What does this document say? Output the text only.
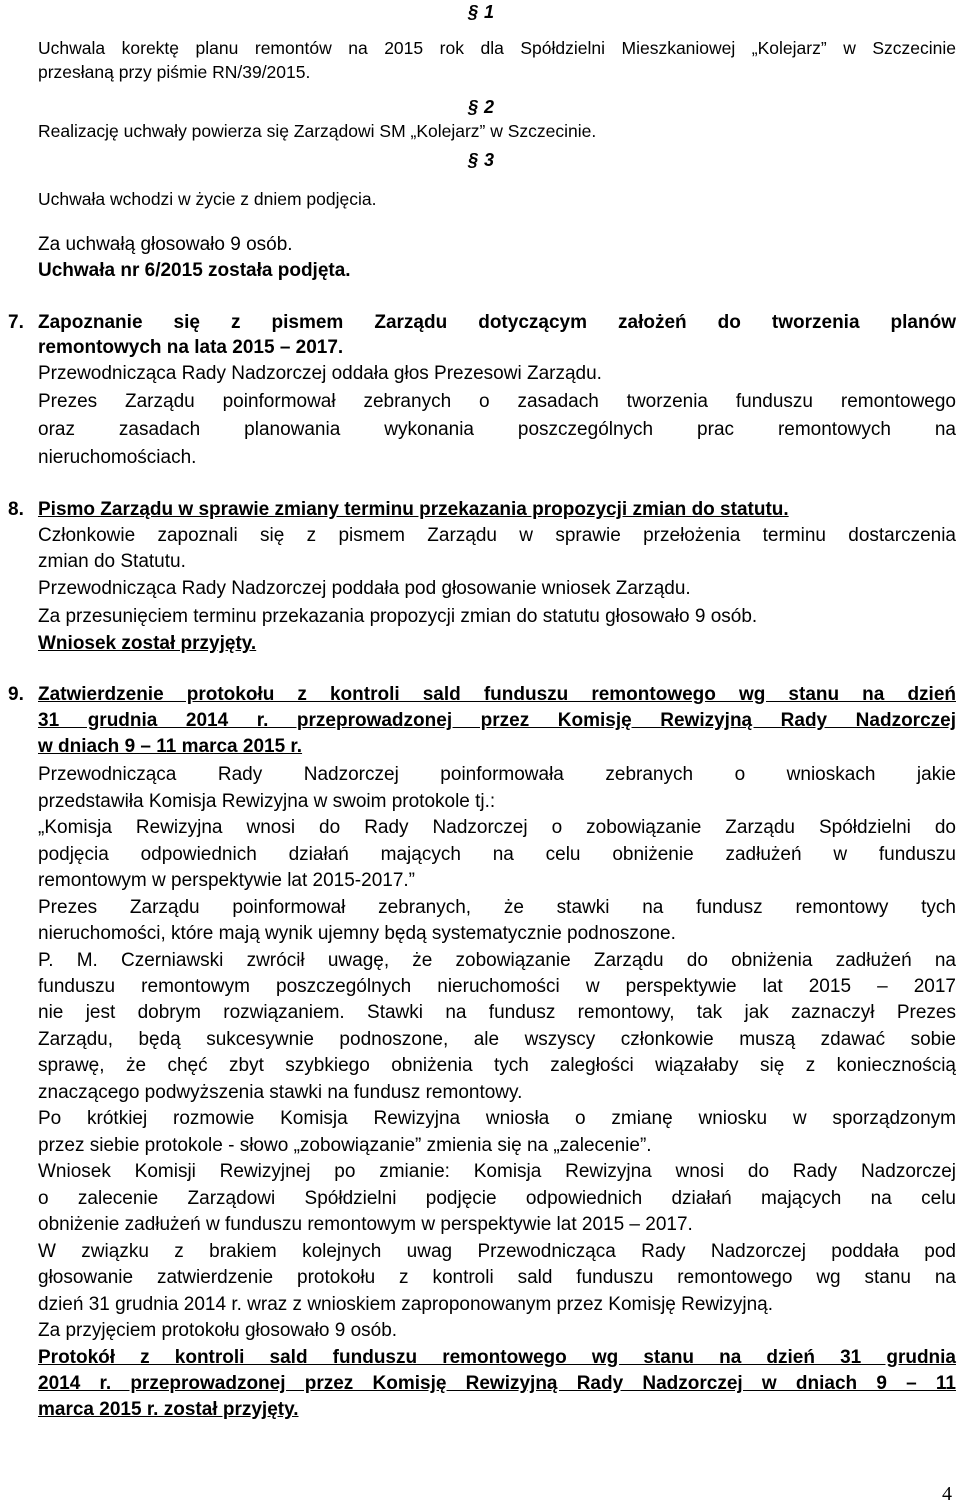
§ 1
Uchwala korektę planu remontów na 2015 rok dla Spółdzielni Mieszkaniowej „Kolejarz” w Szczecinie
przesłaną przy piśmie RN/39/2015.
§ 2
Realizację uchwały powierza się Zarządowi SM „Kolejarz” w Szczecinie.
§ 3
Uchwała wchodzi w życie z dniem podjęcia.
Za uchwałą głosowało 9 osób.
Uchwała nr 6/2015 została podjęta.
7. Zapoznanie się z pismem Zarządu dotyczącym założeń do tworzenia planów
remontowych na lata 2015 – 2017.
Przewodnicząca Rady Nadzorczej oddała głos Prezesowi Zarządu.
Prezes Zarządu poinformował zebranych o zasadach tworzenia funduszu remontowego
oraz zasadach planowania wykonania poszczególnych prac remontowych na
nieruchomościach.
8. Pismo Zarządu w sprawie zmiany terminu przekazania propozycji zmian do statutu.
Członkowie zapoznali się z pismem Zarządu w sprawie przełożenia terminu dostarczenia
zmian do Statutu.
Przewodnicząca Rady Nadzorczej poddała pod głosowanie wniosek Zarządu.
Za przesunięciem terminu przekazania propozycji zmian do statutu głosowało 9 osób.
Wniosek został przyjęty.
9. Zatwierdzenie protokołu z kontroli sald funduszu remontowego wg stanu na dzień
31 grudnia 2014 r. przeprowadzonej przez Komisję Rewizyjną Rady Nadzorczej
w dniach 9 – 11 marca 2015 r.
Przewodnicząca Rady Nadzorczej poinformowała zebranych o wnioskach jakie
przedstawiła Komisja Rewizyjna w swoim protokole tj.:
„Komisja Rewizyjna wnosi do Rady Nadzorczej o zobowiązanie Zarządu Spółdzielni do
podjęcia odpowiednich działań mających na celu obniżenie zadłużeń w funduszu
remontowym w perspektywie lat 2015-2017.”
Prezes Zarządu poinformował zebranych, że stawki na fundusz remontowy tych
nieruchomości, które mają wynik ujemny będą systematycznie podnoszone.
P. M. Czerniawski zwrócił uwagę, że zobowiązanie Zarządu do obniżenia zadłużeń na
funduszu remontowym poszczególnych nieruchomości w perspektywie lat 2015 – 2017
nie jest dobrym rozwiązaniem. Stawki na fundusz remontowy, tak jak zaznaczył Prezes
Zarządu, będą sukcesywnie podnoszone, ale wszyscy członkowie muszą zdawać sobie
sprawę, że chęć zbyt szybkiego obniżenia tych zaległości wiązałaby się z koniecznością
znaczącego podwyższenia stawki na fundusz remontowy.
Po krótkiej rozmowie Komisja Rewizyjna wniosła o zmianę wniosku w sporządzonym
przez siebie protokole - słowo „zobowiązanie” zmienia się na „zalecenie”.
Wniosek Komisji Rewizyjnej po zmianie: Komisja Rewizyjna wnosi do Rady Nadzorczej
o zalecenie Zarządowi Spółdzielni podjęcie odpowiednich działań mających na celu
obniżenie zadłużeń w funduszu remontowym w perspektywie lat 2015 – 2017.
W związku z brakiem kolejnych uwag Przewodnicząca Rady Nadzorczej poddała pod
głosowanie zatwierdzenie protokołu z kontroli sald funduszu remontowego wg stanu na
dzień 31 grudnia 2014 r. wraz z wnioskiem zaproponowanym przez Komisję Rewizyjną.
Za przyjęciem protokołu głosowało 9 osób.
Protokół z kontroli sald funduszu remontowego wg stanu na dzień 31 grudnia
2014 r. przeprowadzonej przez Komisję Rewizyjną Rady Nadzorczej w dniach 9 – 11
marca 2015 r. został przyjęty.
4
